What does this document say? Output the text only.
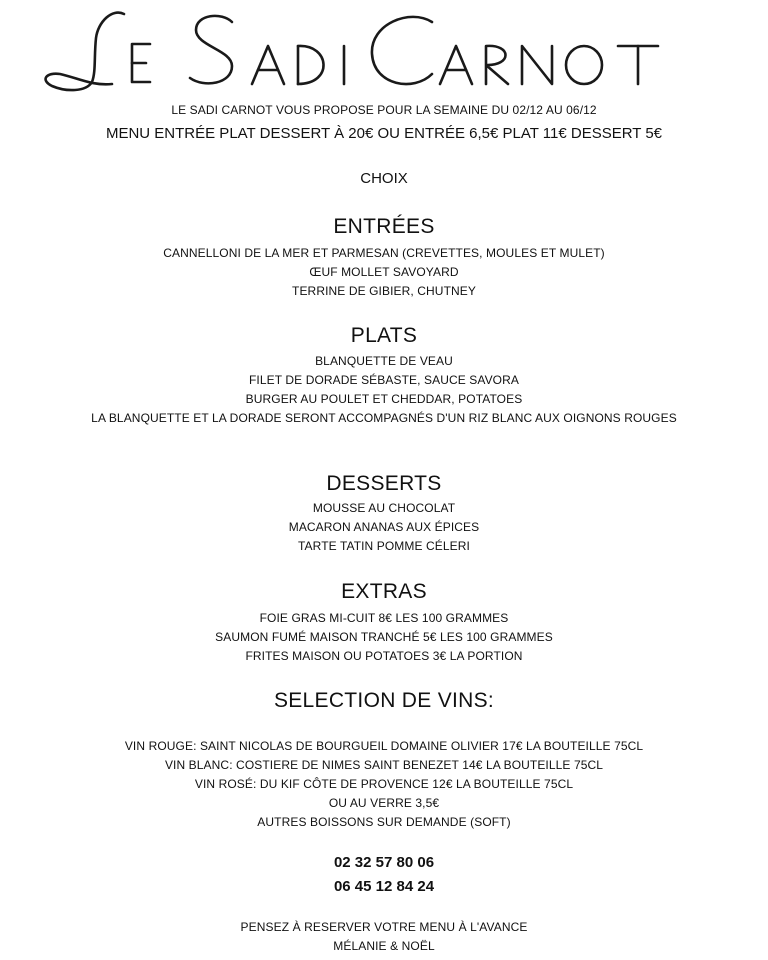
LE SADI CARNOT VOUS PROPOSE POUR LA SEMAINE DU 02/12 AU 06/12
MENU ENTRÉE PLAT DESSERT À 20€ OU ENTRÉE 6,5€ PLAT 11€ DESSERT 5€
CHOIX
ENTRÉES
CANNELLONI DE LA MER ET PARMESAN (CREVETTES, MOULES ET MULET)
ŒUF MOLLET SAVOYARD
TERRINE DE GIBIER, CHUTNEY
PLATS
BLANQUETTE DE VEAU
FILET DE DORADE SÉBASTE, SAUCE SAVORA
BURGER AU POULET ET CHEDDAR, POTATOES
LA BLANQUETTE ET LA DORADE SERONT ACCOMPAGNÉS D'UN RIZ BLANC AUX OIGNONS ROUGES
DESSERTS
MOUSSE AU CHOCOLAT
MACARON ANANAS AUX ÉPICES
TARTE TATIN POMME CÉLERI
EXTRAS
FOIE GRAS MI-CUIT 8€ LES 100 GRAMMES
SAUMON FUMÉ MAISON TRANCHÉ 5€ LES 100 GRAMMES
FRITES MAISON OU POTATOES 3€ LA PORTION
SELECTION DE VINS:
VIN ROUGE: SAINT NICOLAS DE BOURGUEIL DOMAINE OLIVIER 17€ LA BOUTEILLE 75CL
VIN BLANC: COSTIERE DE NIMES SAINT BENEZET 14€ LA BOUTEILLE 75CL
VIN ROSÉ: DU KIF CÔTE DE PROVENCE 12€ LA BOUTEILLE 75CL
OU AU VERRE 3,5€
AUTRES BOISSONS SUR DEMANDE (SOFT)
02 32 57 80 06
06 45 12 84 24
PENSEZ À RESERVER VOTRE MENU À L'AVANCE
MÉLANIE & NOËL
